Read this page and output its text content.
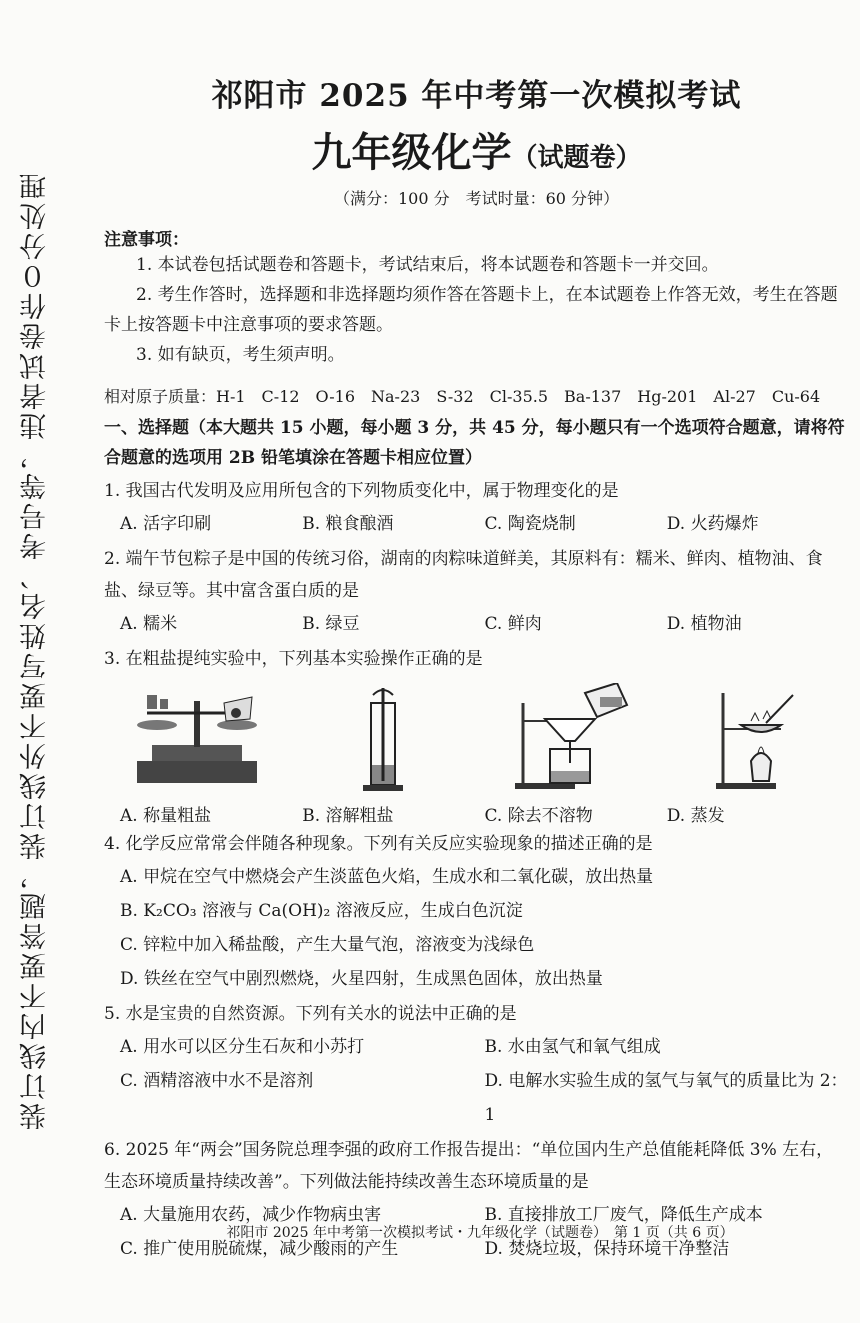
装订线内不要答题，装订线外不要写姓名、考号等，违者试卷作０分处理
祁阳市 2025 年中考第一次模拟考试
九年级化学（试题卷）
（满分：100 分　考试时量：60 分钟）
注意事项：
1. 本试卷包括试题卷和答题卡，考试结束后，将本试题卷和答题卡一并交回。
2. 考生作答时，选择题和非选择题均须作答在答题卡上，在本试题卷上作答无效，考生在答题卡上按答题卡中注意事项的要求答题。
3. 如有缺页，考生须声明。
相对原子质量：H-1　C-12　O-16　Na-23　S-32　Cl-35.5　Ba-137　Hg-201　Al-27　Cu-64
一、选择题（本大题共 15 小题，每小题 3 分，共 45 分，每小题只有一个选项符合题意，请将符合题意的选项用 2B 铅笔填涂在答题卡相应位置）
1. 我国古代发明及应用所包含的下列物质变化中，属于物理变化的是
A. 活字印刷	B. 粮食酿酒	C. 陶瓷烧制	D. 火药爆炸
2. 端午节包粽子是中国的传统习俗，湖南的肉粽味道鲜美，其原料有：糯米、鲜肉、植物油、食盐、绿豆等。其中富含蛋白质的是
A. 糯米	B. 绿豆	C. 鲜肉	D. 植物油
3. 在粗盐提纯实验中，下列基本实验操作正确的是
A. 称量粗盐	B. 溶解粗盐	C. 除去不溶物	D. 蒸发
4. 化学反应常常会伴随各种现象。下列有关反应实验现象的描述正确的是
A. 甲烷在空气中燃烧会产生淡蓝色火焰，生成水和二氧化碳，放出热量
B. K₂CO₃ 溶液与 Ca(OH)₂ 溶液反应，生成白色沉淀
C. 锌粒中加入稀盐酸，产生大量气泡，溶液变为浅绿色
D. 铁丝在空气中剧烈燃烧，火星四射，生成黑色固体，放出热量
5. 水是宝贵的自然资源。下列有关水的说法中正确的是
A. 用水可以区分生石灰和小苏打	B. 水由氢气和氧气组成
C. 酒精溶液中水不是溶剂	D. 电解水实验生成的氢气与氧气的质量比为 2：1
6. 2025 年“两会”国务院总理李强的政府工作报告提出：“单位国内生产总值能耗降低 3% 左右，生态环境质量持续改善”。下列做法能持续改善生态环境质量的是
A. 大量施用农药，减少作物病虫害	B. 直接排放工厂废气，降低生产成本
C. 推广使用脱硫煤，减少酸雨的产生	D. 焚烧垃圾，保持环境干净整洁
祁阳市 2025 年中考第一次模拟考试・九年级化学（试题卷）　第 1 页（共 6 页）
